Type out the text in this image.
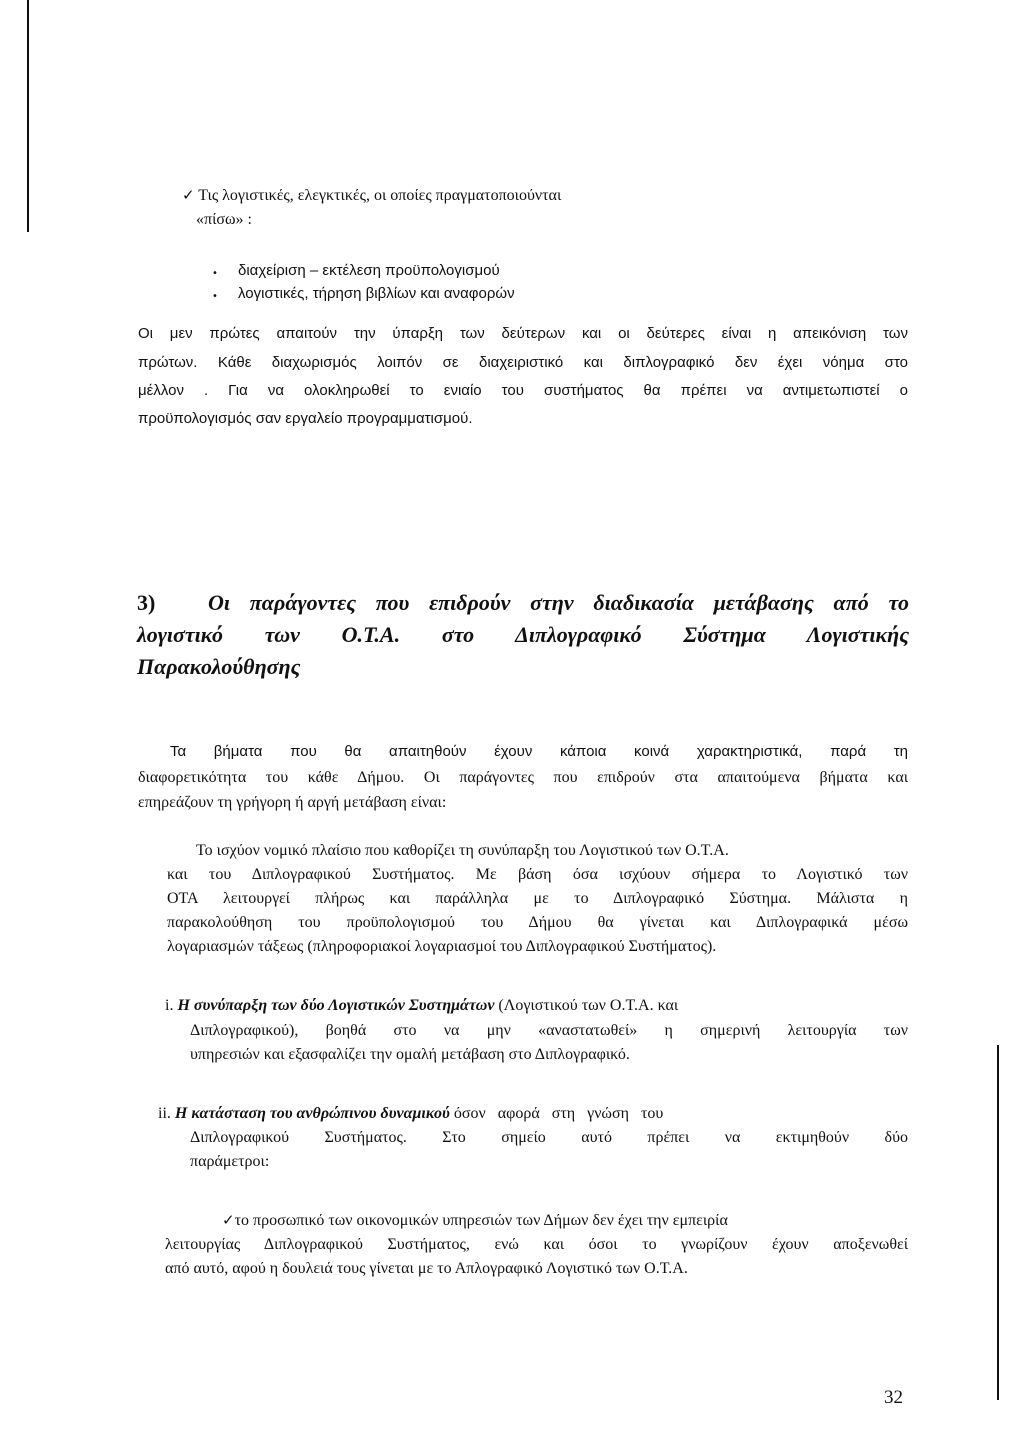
✓ Τις λογιστικές, ελεγκτικές, οι οποίες πραγματοποιούνται
«πίσω» :
• διαχείριση – εκτέλεση προϋπολογισμού
• λογιστικές, τήρηση βιβλίων και αναφορών
Οι μεν πρώτες απαιτούν την ύπαρξη των δεύτερων και οι δεύτερες είναι η απεικόνιση των
πρώτων. Κάθε διαχωρισμός λοιπόν σε διαχειριστικό και διπλογραφικό δεν έχει νόημα στο
μέλλον . Για να ολοκληρωθεί το ενιαίο του συστήματος θα πρέπει να αντιμετωπιστεί ο
προϋπολογισμός σαν εργαλείο προγραμματισμού.
3) Οι παράγοντες που επιδρούν στην διαδικασία μετάβασης από το
λογιστικό των Ο.Τ.Α. στο Διπλογραφικό Σύστημα Λογιστικής
Παρακολούθησης
Τα βήματα που θα απαιτηθούν έχουν κάποια κοινά χαρακτηριστικά, παρά τη
διαφορετικότητα του κάθε Δήμου. Οι παράγοντες που επιδρούν στα απαιτούμενα βήματα και
επηρεάζουν τη γρήγορη ή αργή μετάβαση είναι:
Το ισχύον νομικό πλαίσιο που καθορίζει τη συνύπαρξη του Λογιστικού των Ο.Τ.Α.
και του Διπλογραφικού Συστήματος. Με βάση όσα ισχύουν σήμερα το Λογιστικό των
ΟΤΑ λειτουργεί πλήρως και παράλληλα με το Διπλογραφικό Σύστημα. Μάλιστα η
παρακολούθηση του προϋπολογισμού του Δήμου θα γίνεται και Διπλογραφικά μέσω
λογαριασμών τάξεως (πληροφοριακοί λογαριασμοί του Διπλογραφικού Συστήματος).
i. Η συνύπαρξη των δύο Λογιστικών Συστημάτων (Λογιστικού των Ο.Τ.Α. και
Διπλογραφικού), βοηθά στο να μην «αναστατωθεί» η σημερινή λειτουργία των
υπηρεσιών και εξασφαλίζει την ομαλή μετάβαση στο Διπλογραφικό.
ii. Η κατάσταση του ανθρώπινου δυναμικού όσον αφορά στη γνώση του
Διπλογραφικού Συστήματος. Στο σημείο αυτό πρέπει να εκτιμηθούν δύο
παράμετροι:
✓το προσωπικό των οικονομικών υπηρεσιών των Δήμων δεν έχει την εμπειρία
λειτουργίας Διπλογραφικού Συστήματος, ενώ και όσοι το γνωρίζουν έχουν αποξενωθεί
από αυτό, αφού η δουλειά τους γίνεται με το Απλογραφικό Λογιστικό των Ο.Τ.Α.
32
